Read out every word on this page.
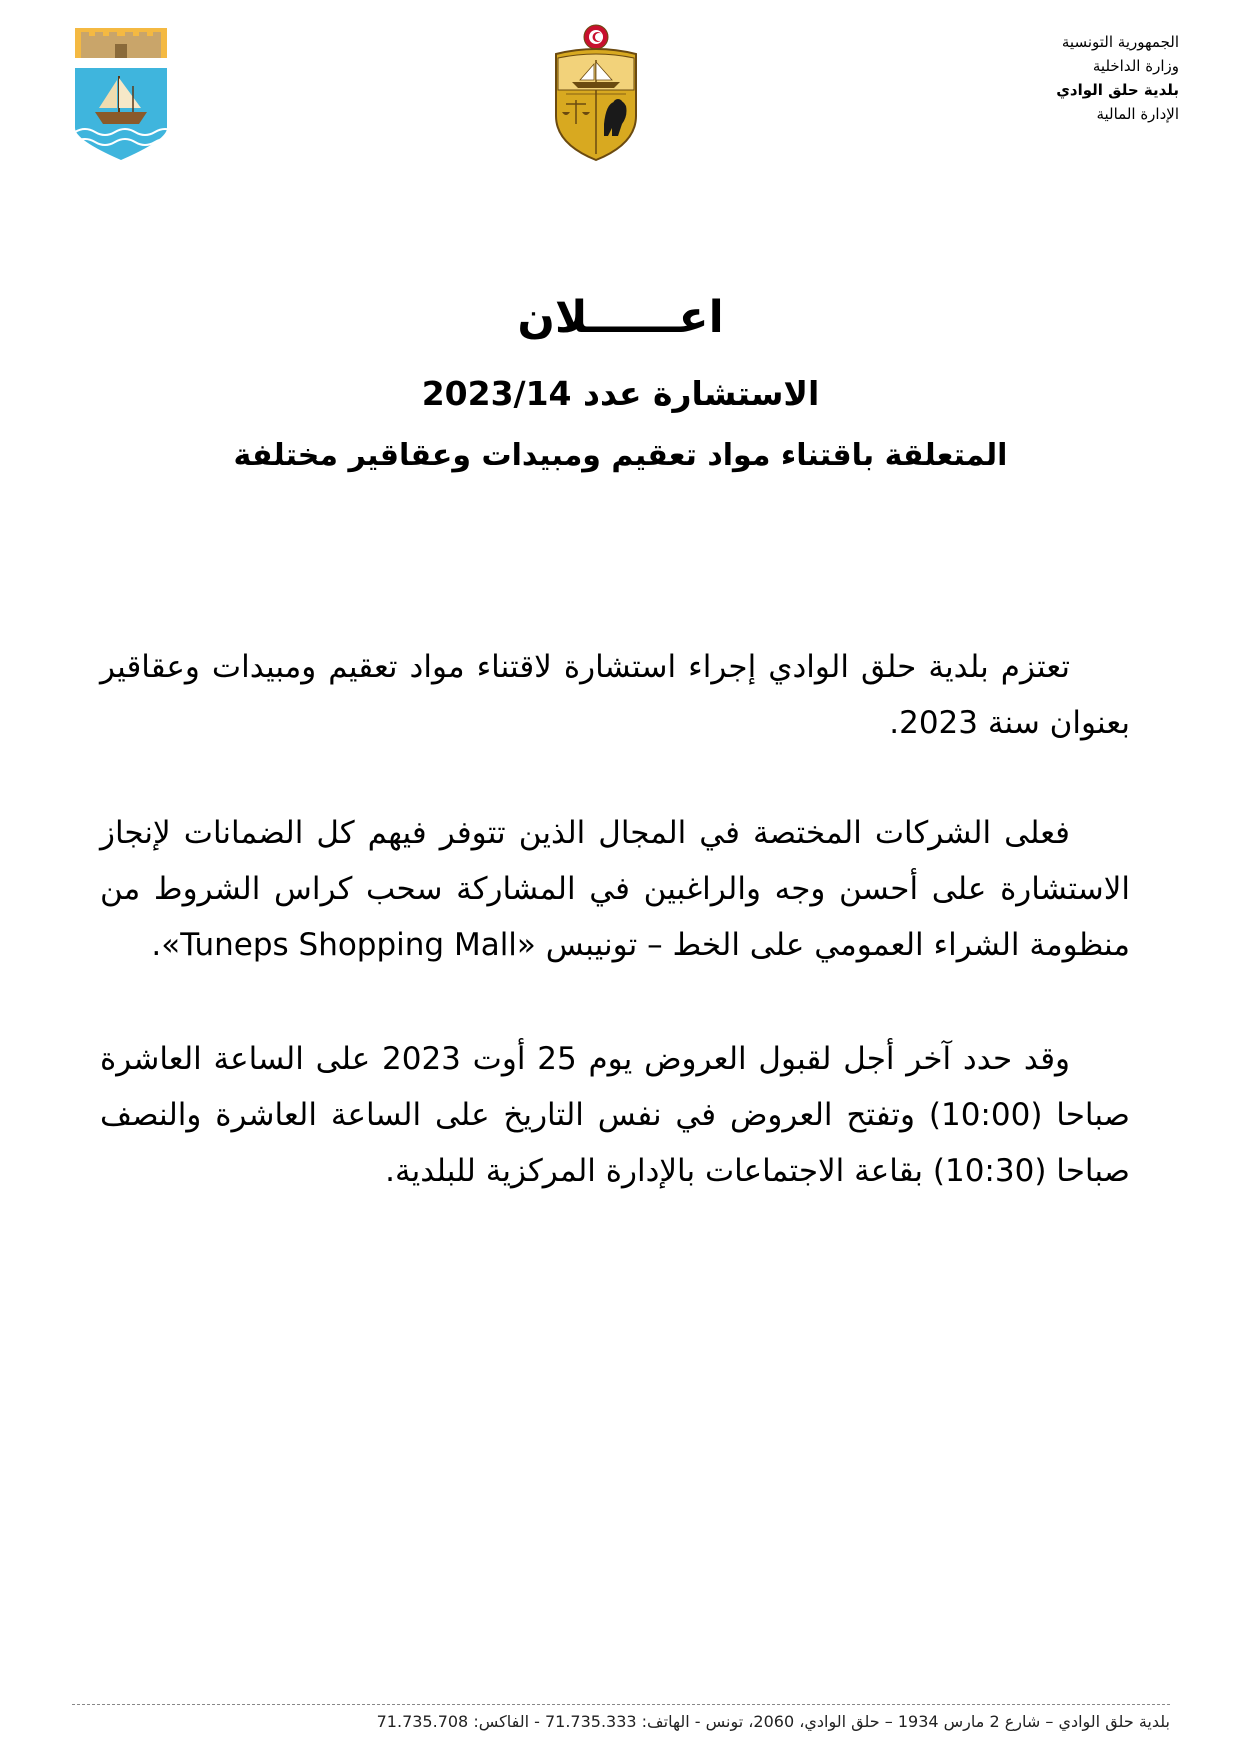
الجمهورية التونسية
وزارة الداخلية
بلدية حلق الوادي
الإدارة المالية
اعــــــلان
الاستشارة عدد 2023/14
المتعلقة باقتناء مواد تعقيم ومبيدات وعقاقير مختلفة

تعتزم بلدية حلق الوادي إجراء استشارة لاقتناء مواد تعقيم ومبيدات وعقاقير بعنوان سنة 2023.

فعلى الشركات المختصة في المجال الذين تتوفر فيهم كل الضمانات لإنجاز الاستشارة على أحسن وجه والراغبين في المشاركة سحب كراس الشروط من منظومة الشراء العمومي على الخط – تونيبس «Tuneps Shopping Mall».

وقد حدد آخر أجل لقبول العروض يوم 25 أوت 2023 على الساعة العاشرة صباحا (10:00) وتفتح العروض في نفس التاريخ على الساعة العاشرة والنصف صباحا (10:30) بقاعة الاجتماعات بالإدارة المركزية للبلدية.

بلدية حلق الوادي – شارع 2 مارس 1934 – حلق الوادي، 2060، تونس - الهاتف: 71.735.333 - الفاكس: 71.735.708
